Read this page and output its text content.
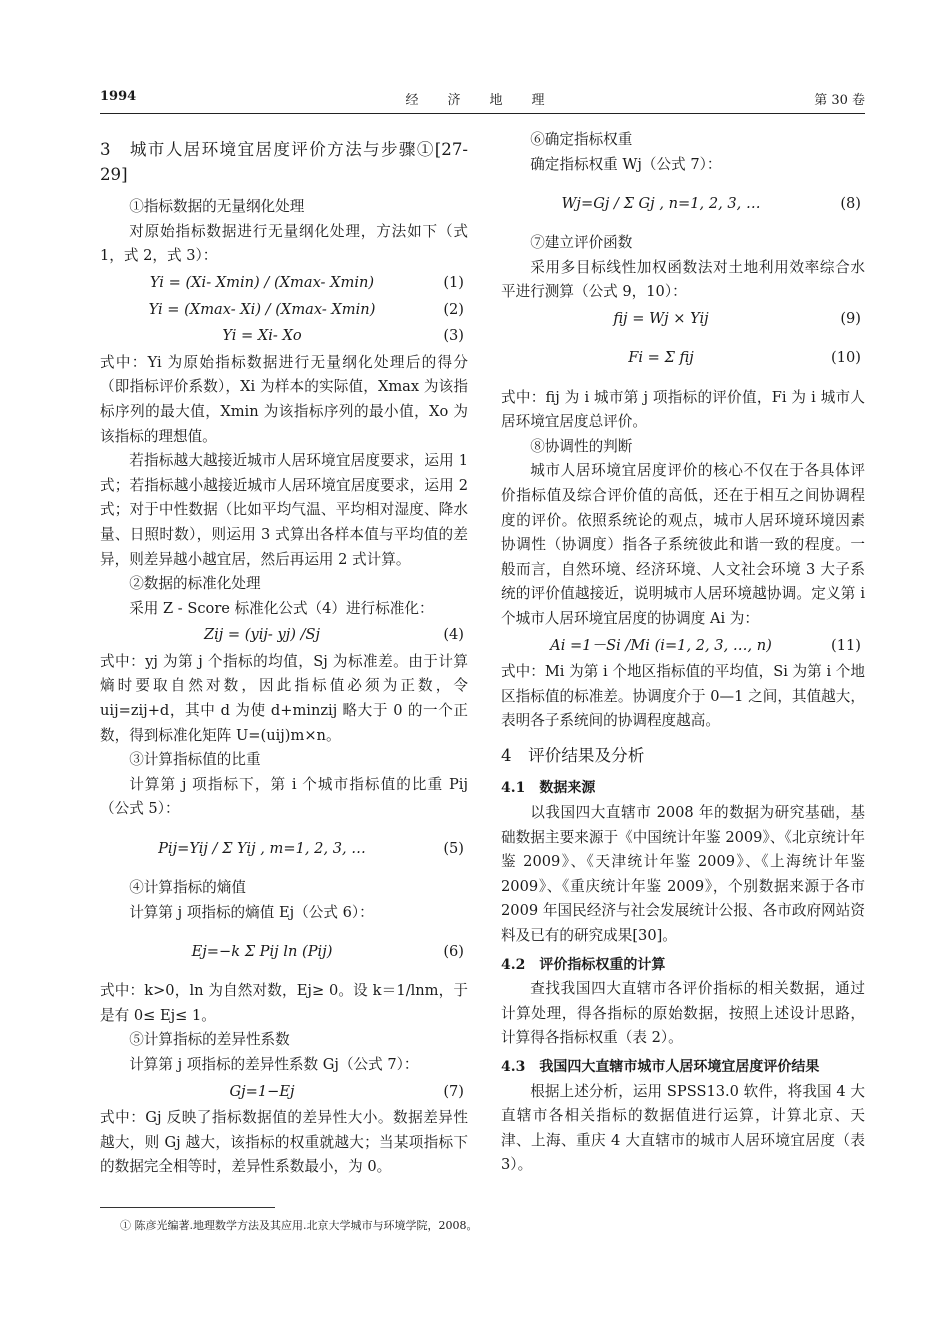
1994	经济地理	第 30 卷

3　城市人居环境宜居度评价方法与步骤①[27-29]

①指标数据的无量纲化处理

对原始指标数据进行无量纲化处理，方法如下（式 1，式 2，式 3）：

Yi = (Xi- Xmin) / (Xmax- Xmin)	(1)
Yi = (Xmax- Xi) / (Xmax- Xmin)	(2)
Yi = Xi- Xo	(3)

式中：Yi 为原始指标数据进行无量纲化处理后的得分（即指标评价系数），Xi 为样本的实际值，Xmax 为该指标序列的最大值，Xmin 为该指标序列的最小值，Xo 为该指标的理想值。

若指标越大越接近城市人居环境宜居度要求，运用 1 式；若指标越小越接近城市人居环境宜居度要求，运用 2 式；对于中性数据（比如平均气温、平均相对湿度、降水量、日照时数），则运用 3 式算出各样本值与平均值的差异，则差异越小越宜居，然后再运用 2 式计算。

②数据的标准化处理

采用 Z - Score 标准化公式（4）进行标准化：

Zij = (yij- yj) /Sj	(4)

式中：yj 为第 j 个指标的均值，Sj 为标准差。由于计算熵时要取自然对数，因此指标值必须为正数，令 uij=zij+d，其中 d 为使 d+minzij 略大于 0 的一个正数，得到标准化矩阵 U=(uij)m×n。

③计算指标值的比重

计算第 j 项指标下，第 i 个城市指标值的比重 Pij（公式 5）：

Pij=Yij / Σ Yij , m=1, 2, 3, …	(5)

④计算指标的熵值

计算第 j 项指标的熵值 Ej（公式 6）：

Ej=−k Σ Pij ln (Pij)	(6)

式中：k>0，ln 为自然对数，Ej≥ 0。设 k＝1/lnm，于是有 0≤ Ej≤ 1。

⑤计算指标的差异性系数

计算第 j 项指标的差异性系数 Gj（公式 7）：

Gj=1−Ej	(7)

式中：Gj 反映了指标数据值的差异性大小。数据差异性越大，则 Gj 越大，该指标的权重就越大；当某项指标下的数据完全相等时，差异性系数最小，为 0。

⑥确定指标权重

确定指标权重 Wj（公式 7）：

Wj=Gj / Σ Gj , n=1, 2, 3, …	(8)

⑦建立评价函数

采用多目标线性加权函数法对土地利用效率综合水平进行测算（公式 9，10）：

fij = Wj × Yij	(9)
Fi = Σ fij	(10)

式中：fij 为 i 城市第 j 项指标的评价值，Fi 为 i 城市人居环境宜居度总评价。

⑧协调性的判断

城市人居环境宜居度评价的核心不仅在于各具体评价指标值及综合评价值的高低，还在于相互之间协调程度的评价。依照系统论的观点，城市人居环境环境因素协调性（协调度）指各子系统彼此和谐一致的程度。一般而言，自然环境、经济环境、人文社会环境 3 大子系统的评价值越接近，说明城市人居环境越协调。定义第 i 个城市人居环境宜居度的协调度 Ai 为：

Ai =1－Si /Mi (i=1, 2, 3, …, n)	(11)

式中：Mi 为第 i 个地区指标值的平均值，Si 为第 i 个地区指标值的标准差。协调度介于 0—1 之间，其值越大，表明各子系统间的协调程度越高。

4　评价结果及分析

4.1　数据来源

以我国四大直辖市 2008 年的数据为研究基础，基础数据主要来源于《中国统计年鉴 2009》、《北京统计年鉴 2009》、《天津统计年鉴 2009》、《上海统计年鉴 2009》、《重庆统计年鉴 2009》，个别数据来源于各市 2009 年国民经济与社会发展统计公报、各市政府网站资料及已有的研究成果[30]。

4.2　评价指标权重的计算

查找我国四大直辖市各评价指标的相关数据，通过计算处理，得各指标的原始数据，按照上述设计思路，计算得各指标权重（表 2）。

4.3　我国四大直辖市城市人居环境宜居度评价结果

根据上述分析，运用 SPSS13.0 软件，将我国 4 大直辖市各相关指标的数据值进行运算，计算北京、天津、上海、重庆 4 大直辖市的城市人居环境宜居度（表 3）。

① 陈彦光编著.地理数学方法及其应用.北京大学城市与环境学院，2008。
